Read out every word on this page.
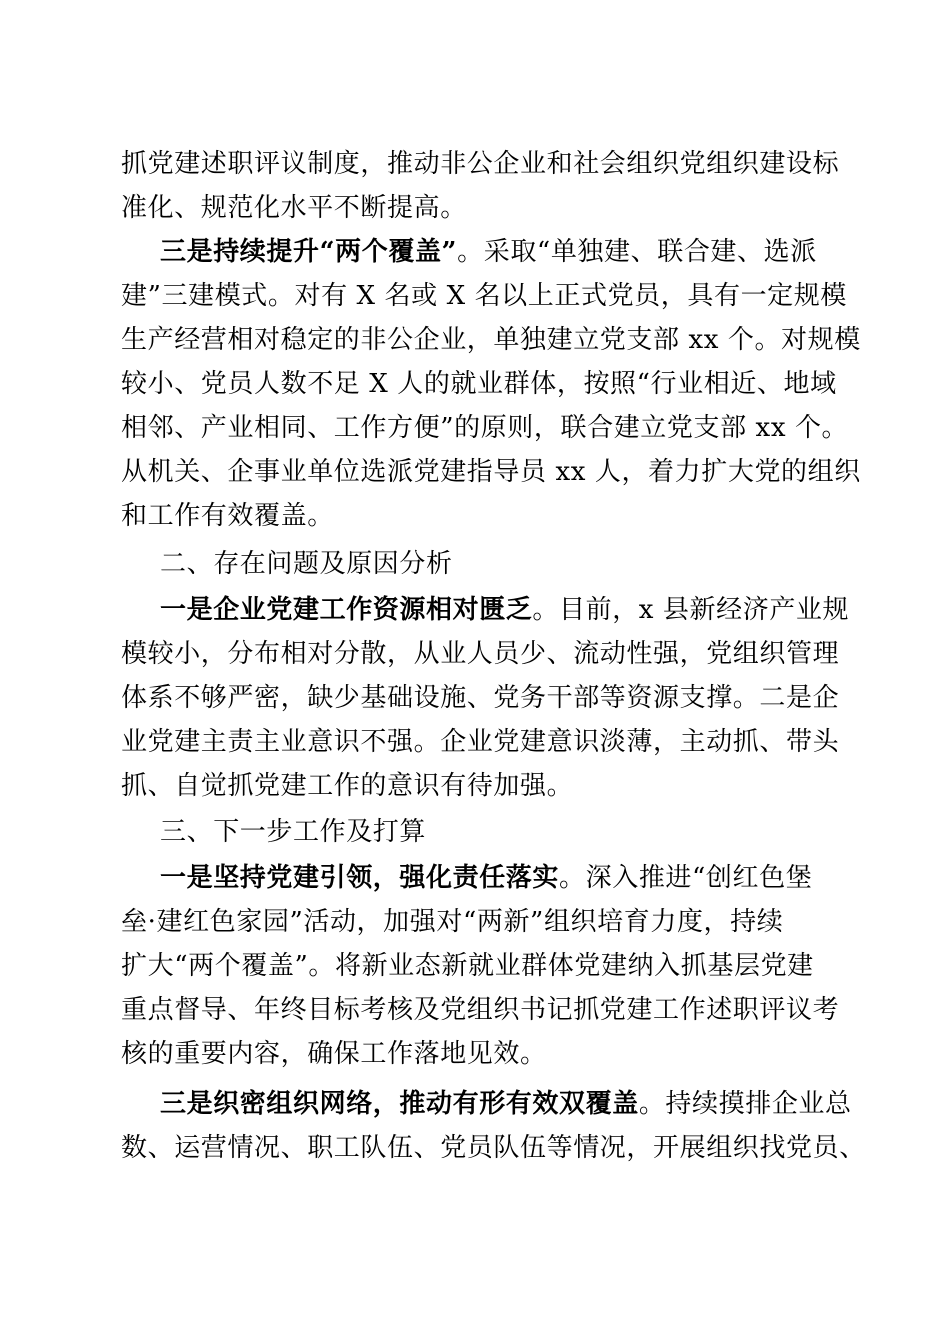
抓党建述职评议制度，推动非公企业和社会组织党组织建设标
准化、规范化水平不断提高。
三是持续提升“两个覆盖”。采取“单独建、联合建、选派
建”三建模式。对有 X 名或 X 名以上正式党员，具有一定规模
生产经营相对稳定的非公企业，单独建立党支部 xx 个。对规模
较小、党员人数不足 X 人的就业群体，按照“行业相近、地域
相邻、产业相同、工作方便”的原则，联合建立党支部 xx 个。
从机关、企事业单位选派党建指导员 xx 人，着力扩大党的组织
和工作有效覆盖。
二、存在问题及原因分析
一是企业党建工作资源相对匮乏。目前，x 县新经济产业规
模较小，分布相对分散，从业人员少、流动性强，党组织管理
体系不够严密，缺少基础设施、党务干部等资源支撑。二是企
业党建主责主业意识不强。企业党建意识淡薄，主动抓、带头
抓、自觉抓党建工作的意识有待加强。
三、下一步工作及打算
一是坚持党建引领，强化责任落实。深入推进“创红色堡
垒·建红色家园”活动，加强对“两新”组织培育力度，持续
扩大“两个覆盖”。将新业态新就业群体党建纳入抓基层党建
重点督导、年终目标考核及党组织书记抓党建工作述职评议考
核的重要内容，确保工作落地见效。
三是织密组织网络，推动有形有效双覆盖。持续摸排企业总
数、运营情况、职工队伍、党员队伍等情况，开展组织找党员、
